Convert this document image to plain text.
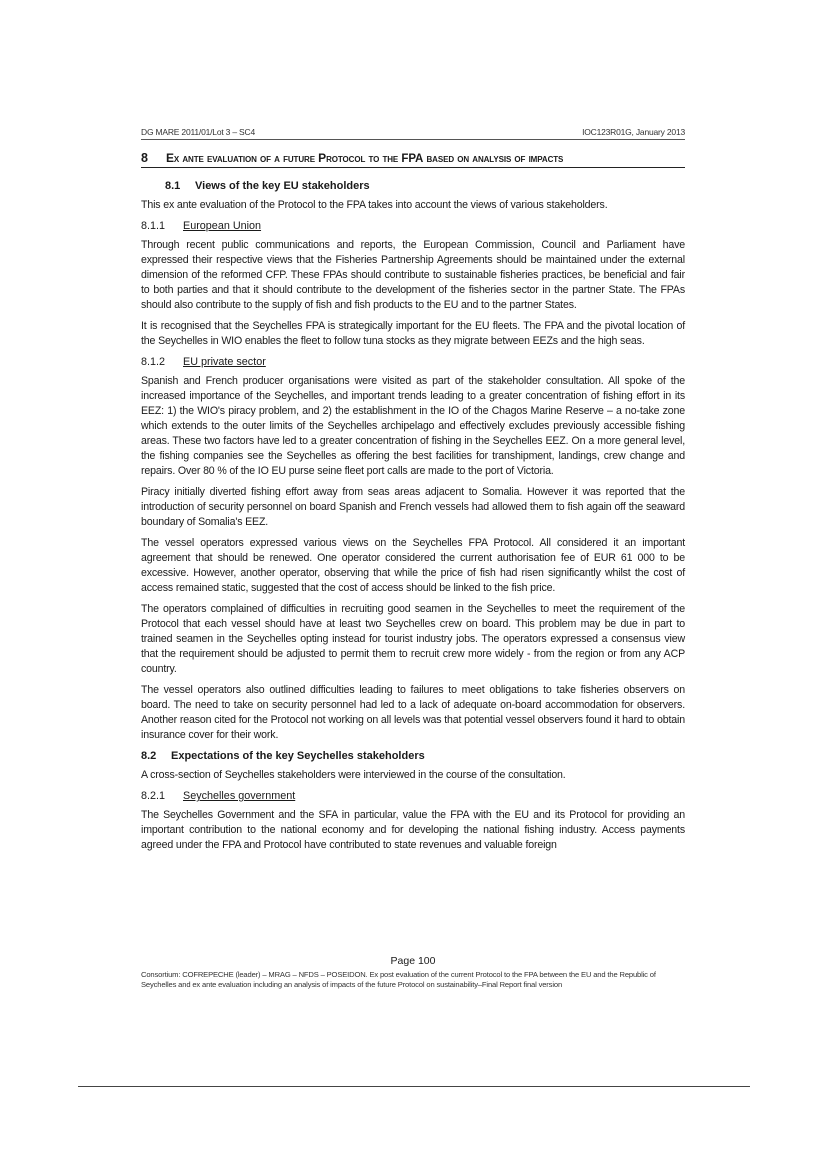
DG MARE 2011/01/Lot 3 – SC4	IOC123R01G, January 2013
8	Ex ante evaluation of a future Protocol to the FPA based on analysis of impacts
8.1	Views of the key EU stakeholders

This ex ante evaluation of the Protocol to the FPA takes into account the views of various stakeholders.

8.1.1	European Union

Through recent public communications and reports, the European Commission, Council and Parliament have expressed their respective views that the Fisheries Partnership Agreements should be maintained under the external dimension of the reformed CFP. These FPAs should contribute to sustainable fisheries practices, be beneficial and fair to both parties and that it should contribute to the development of the fisheries sector in the partner State. The FPAs should also contribute to the supply of fish and fish products to the EU and to the partner States.

It is recognised that the Seychelles FPA is strategically important for the EU fleets. The FPA and the pivotal location of the Seychelles in WIO enables the fleet to follow tuna stocks as they migrate between EEZs and the high seas.

8.1.2	EU private sector

Spanish and French producer organisations were visited as part of the stakeholder consultation. All spoke of the increased importance of the Seychelles, and important trends leading to a greater concentration of fishing effort in its EEZ: 1) the WIO's piracy problem, and 2) the establishment in the IO of the Chagos Marine Reserve – a no-take zone which extends to the outer limits of the Seychelles archipelago and effectively excludes previously accessible fishing areas. These two factors have led to a greater concentration of fishing in the Seychelles EEZ. On a more general level, the fishing companies see the Seychelles as offering the best facilities for transhipment, landings, crew change and repairs. Over 80 % of the IO EU purse seine fleet port calls are made to the port of Victoria.

Piracy initially diverted fishing effort away from seas areas adjacent to Somalia. However it was reported that the introduction of security personnel on board Spanish and French vessels had allowed them to fish again off the seaward boundary of Somalia's EEZ.

The vessel operators expressed various views on the Seychelles FPA Protocol. All considered it an important agreement that should be renewed. One operator considered the current authorisation fee of EUR 61 000 to be excessive. However, another operator, observing that while the price of fish had risen significantly whilst the cost of access remained static, suggested that the cost of access should be linked to the fish price.

The operators complained of difficulties in recruiting good seamen in the Seychelles to meet the requirement of the Protocol that each vessel should have at least two Seychelles crew on board. This problem may be due in part to trained seamen in the Seychelles opting instead for tourist industry jobs. The operators expressed a consensus view that the requirement should be adjusted to permit them to recruit crew more widely - from the region or from any ACP country.

The vessel operators also outlined difficulties leading to failures to meet obligations to take fisheries observers on board. The need to take on security personnel had led to a lack of adequate on-board accommodation for observers. Another reason cited for the Protocol not working on all levels was that potential vessel observers found it hard to obtain insurance cover for their work.

8.2	Expectations of the key Seychelles stakeholders

A cross-section of Seychelles stakeholders were interviewed in the course of the consultation.

8.2.1	Seychelles government

The Seychelles Government and the SFA in particular, value the FPA with the EU and its Protocol for providing an important contribution to the national economy and for developing the national fishing industry. Access payments agreed under the FPA and Protocol have contributed to state revenues and valuable foreign

Page 100
Consortium: COFREPECHE (leader) – MRAG – NFDS – POSEIDON. Ex post evaluation of the current Protocol to the FPA between the EU and the Republic of Seychelles and ex ante evaluation including an analysis of impacts of the future Protocol on sustainability–Final Report final version
